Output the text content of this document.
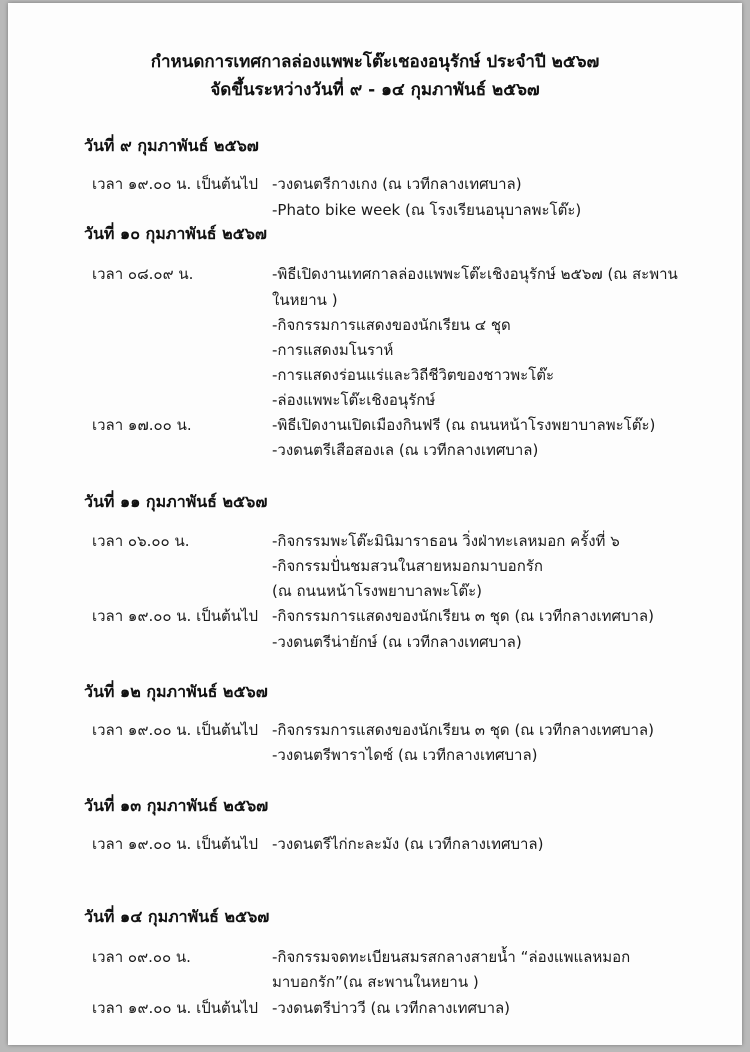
กำหนดการเทศกาลล่องแพพะโต๊ะเชองอนุรักษ์ ประจำปี ๒๕๖๗
จัดขึ้นระหว่างวันที่ ๙ - ๑๔ กุมภาพันธ์ ๒๕๖๗
วันที่ ๙ กุมภาพันธ์ ๒๕๖๗
เวลา ๑๙.๐๐ น. เป็นต้นไป -วงดนตรีกางเกง (ณ เวทีกลางเทศบาล)
-Phato bike week (ณ โรงเรียนอนุบาลพะโต๊ะ)
วันที่ ๑๐ กุมภาพันธ์ ๒๕๖๗
เวลา ๐๘.๐๙ น.	-พิธีเปิดงานเทศกาลล่องแพพะโต๊ะเชิงอนุรักษ์ ๒๕๖๗ (ณ สะพาน
ในหยาน )
-กิจกรรมการแสดงของนักเรียน ๔ ชุด
-การแสดงมโนราห์
-การแสดงร่อนแร่และวิถีชีวิตของชาวพะโต๊ะ
-ล่องแพพะโต๊ะเชิงอนุรักษ์
เวลา ๑๗.๐๐ น.	-พิธีเปิดงานเปิดเมืองกินฟรี (ณ ถนนหน้าโรงพยาบาลพะโต๊ะ)
-วงดนตรีเสือสองเล (ณ เวทีกลางเทศบาล)
วันที่ ๑๑ กุมภาพันธ์ ๒๕๖๗
เวลา ๐๖.๐๐ น.	-กิจกรรมพะโต๊ะมินิมาราธอน วิ่งฝ่าทะเลหมอก ครั้งที่ ๖
-กิจกรรมปั่นชมสวนในสายหมอกมาบอกรัก
(ณ ถนนหน้าโรงพยาบาลพะโต๊ะ)
เวลา ๑๙.๐๐ น. เป็นต้นไป -กิจกรรมการแสดงของนักเรียน ๓ ชุด (ณ เวทีกลางเทศบาล)
-วงดนตรีน่ายักษ์ (ณ เวทีกลางเทศบาล)
วันที่ ๑๒ กุมภาพันธ์ ๒๕๖๗
เวลา ๑๙.๐๐ น. เป็นต้นไป -กิจกรรมการแสดงของนักเรียน ๓ ชุด (ณ เวทีกลางเทศบาล)
-วงดนตรีพาราไดซ์ (ณ เวทีกลางเทศบาล)
วันที่ ๑๓ กุมภาพันธ์ ๒๕๖๗
เวลา ๑๙.๐๐ น. เป็นต้นไป -วงดนตรีไก่กะละมัง (ณ เวทีกลางเทศบาล)
วันที่ ๑๔ กุมภาพันธ์ ๒๕๖๗
เวลา ๐๙.๐๐ น.	-กิจกรรมจดทะเบียนสมรสกลางสายน้ำ “ล่องแพแลหมอก
มาบอกรัก”(ณ สะพานในหยาน )
เวลา ๑๙.๐๐ น. เป็นต้นไป -วงดนตรีบ่าววี (ณ เวทีกลางเทศบาล)
